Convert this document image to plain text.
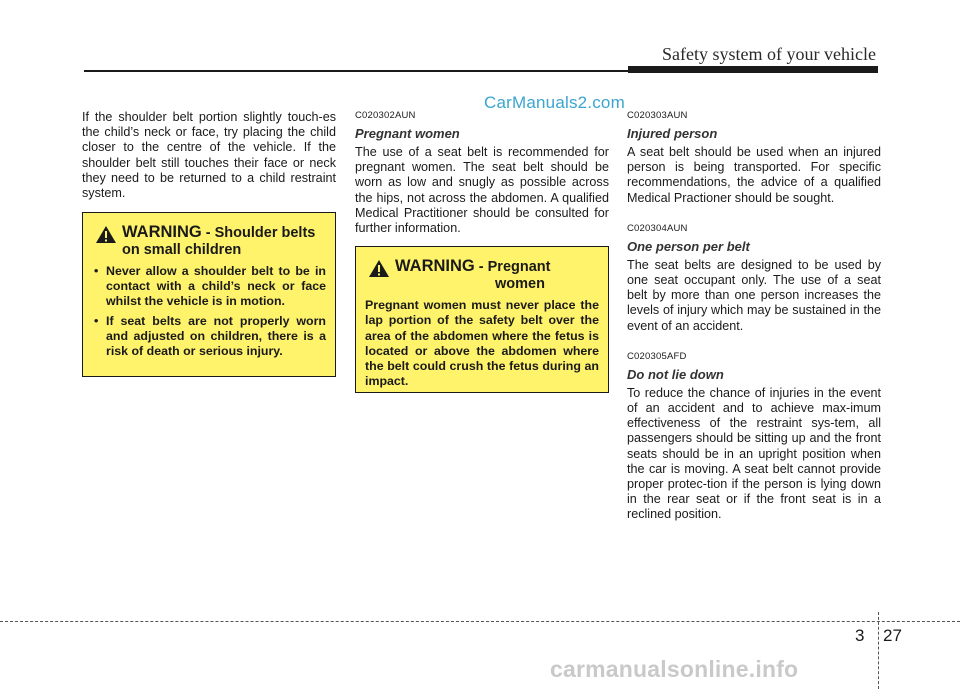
Safety system of your vehicle
CarManuals2.com

If the shoulder belt portion slightly touch-es the child’s neck or face, try placing the child closer to the centre of the vehicle. If the shoulder belt still touches their face or neck they need to be returned to a child restraint system.

WARNING - Shoulder belts
on small children
• Never allow a shoulder belt to be in contact with a child’s neck or face whilst the vehicle is in motion.
• If seat belts are not properly worn and adjusted on children, there is a risk of death or serious injury.

C020302AUN

Pregnant women

The use of a seat belt is recommended for pregnant women. The seat belt should be worn as low and snugly as possible across the hips, not across the abdomen. A qualified Medical Practitioner should be consulted for further information.

WARNING - Pregnant
women

Pregnant women must never place the lap portion of the safety belt over the area of the abdomen where the fetus is located or above the abdomen where the belt could crush the fetus during an impact.

C020303AUN

Injured person

A seat belt should be used when an injured person is being transported. For specific recommendations, the advice of a qualified Medical Practioner should be sought.

C020304AUN

One person per belt

The seat belts are designed to be used by one seat occupant only. The use of a seat belt by more than one person increases the levels of injury which may be sustained in the event of an accident.

C020305AFD

Do not lie down

To reduce the chance of injuries in the event of an accident and to achieve max-imum effectiveness of the restraint sys-tem, all passengers should be sitting up and the front seats should be in an upright position when the car is moving. A seat belt cannot provide proper protec-tion if the person is lying down in the rear seat or if the front seat is in a reclined position.

3 27
carmanualsonline.info
